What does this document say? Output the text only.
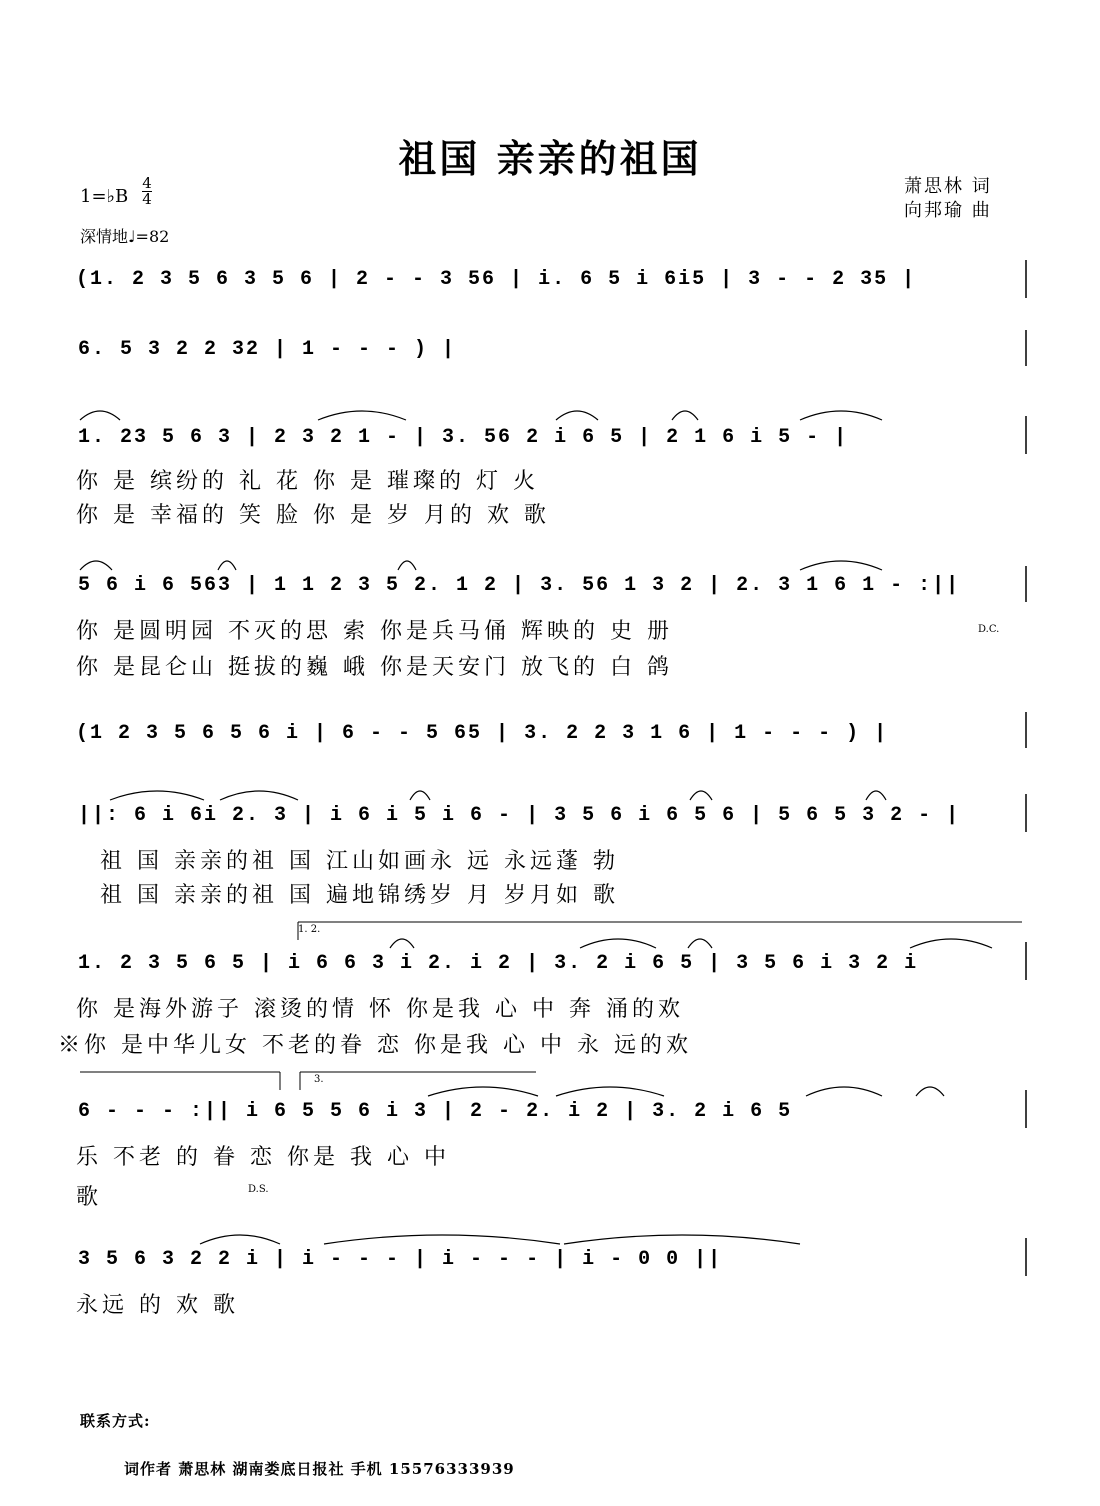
祖国 亲亲的祖国
萧思林 词
向邦瑜 曲
1=♭B
4
4
深情地♩=82
(1. 2 3 5 6 3 5 6 | 2 - - 3 56 | i. 6 5 i 6i5 | 3 - - 2 35 |
6. 5 3 2 2 32 | 1 - - - ) |
1. 23 5 6 3 | 2 3 2 1 - | 3. 56 2 i 6 5 | 2 1 6 i 5 - |
你 是 缤纷的 礼 花 你 是 璀璨的 灯 火
你 是 幸福的 笑 脸 你 是 岁 月的 欢 歌
5 6 i 6 563 | 1 1 2 3 5 2. 1 2 | 3. 56 1 3 2 | 2. 3 1 6 1 - :||
你 是圆明园 不灭的思 索 你是兵马俑 辉映的 史 册
你 是昆仑山 挺拔的巍 峨 你是天安门 放飞的 白 鸽
D.C.
(1 2 3 5 6 5 6 i | 6 - - 5 65 | 3. 2 2 3 1 6 | 1 - - - ) |
||: 6 i 6i 2. 3 | i 6 i 5 i 6 - | 3 5 6 i 6 5 6 | 5 6 5 3 2 - |
祖 国 亲亲的祖 国 江山如画永 远 永远蓬 勃
祖 国 亲亲的祖 国 遍地锦绣岁 月 岁月如 歌
1. 2.
1. 2 3 5 6 5 | i 6 6 3 i 2. i 2 | 3. 2 i 6 5 | 3 5 6 i 3 2 i
你 是海外游子 滚烫的情 怀 你是我 心 中 奔 涌的欢
※你 是中华儿女 不老的眷 恋 你是我 心 中 永 远的欢
3.
6 - - - :|| i 6 5 5 6 i 3 | 2 - 2. i 2 | 3. 2 i 6 5
乐 不老 的 眷 恋 你是 我 心 中
歌	D.S.
3 5 6 3 2 2 i | i - - - | i - - - | i - 0 0 ||
永远 的 欢 歌
联系方式:
词作者 萧思林 湖南娄底日报社 手机 15576333939
